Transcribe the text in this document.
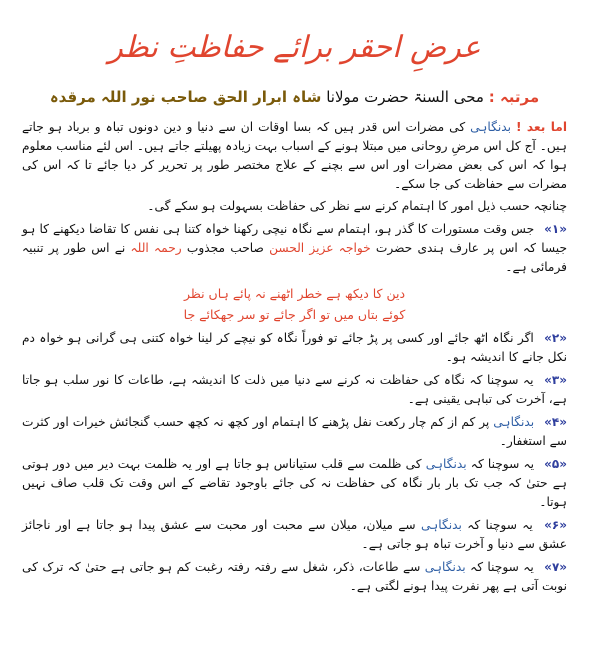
عرضِ احقر برائے حفاظتِ نظر
مرتبہ : محی السنۃ حضرت مولانا شاہ ابرار الحق صاحب نور اللہ مرقدہ

اما بعد ! بدنگاہی کی مضرات اس قدر ہیں کہ بسا اوقات ان سے دنیا و دین دونوں تباہ و برباد ہو جاتے ہیں۔ آج کل اس مرضِ روحانی میں مبتلا ہونے کے اسباب بہت زیادہ پھیلتے جاتے ہیں۔ اس لئے مناسب معلوم ہوا کہ اس کی بعض مضرات اور اس سے بچنے کے علاج مختصر طور پر تحریر کر دیا جائے تا کہ اس کی مضرات سے حفاظت کی جا سکے۔

چنانچہ حسب ذیل امور کا اہتمام کرنے سے نظر کی حفاظت بسہولت ہو سکے گی۔

«۱» جس وقت مستورات کا گذر ہو، اہتمام سے نگاہ نیچی رکھنا خواہ کتنا ہی نفس کا تقاضا دیکھنے کا ہو جیسا کہ اس پر عارف ہندی حضرت خواجہ عزیز الحسن صاحب مجذوب رحمہ اللہ نے اس طور پر تنبیہ فرمائی ہے۔
دین کا دیکھ ہے خطر اٹھنے نہ پائے ہاں نظر
کوئے بتاں میں تو اگر جائے تو سر جھکائے جا
«۲» اگر نگاہ اٹھ جائے اور کسی پر پڑ جائے تو فوراً نگاہ کو نیچے کر لینا خواہ کتنی ہی گرانی ہو خواہ دم نکل جانے کا اندیشہ ہو۔
«۳» یہ سوچنا کہ نگاہ کی حفاظت نہ کرنے سے دنیا میں ذلت کا اندیشہ ہے، طاعات کا نور سلب ہو جاتا ہے، آخرت کی تباہی یقینی ہے۔
«۴» بدنگاہی پر کم از کم چار رکعت نفل پڑھنے کا اہتمام اور کچھ نہ کچھ حسب گنجائش خیرات اور کثرت سے استغفار۔
«۵» یہ سوچنا کہ بدنگاہی کی ظلمت سے قلب ستیاناس ہو جاتا ہے اور یہ ظلمت بہت دیر میں دور ہوتی ہے حتیٰ کہ جب تک بار بار نگاہ کی حفاظت نہ کی جائے باوجود تقاضے کے اس وقت تک قلب صاف نہیں ہوتا۔
«۶» یہ سوچنا کہ بدنگاہی سے میلان، میلان سے محبت اور محبت سے عشق پیدا ہو جاتا ہے اور ناجائز عشق سے دنیا و آخرت تباہ ہو جاتی ہے۔
«۷» یہ سوچنا کہ بدنگاہی سے طاعات، ذکر، شغل سے رفتہ رفتہ رغبت کم ہو جاتی ہے حتیٰ کہ ترک کی نوبت آتی ہے پھر نفرت پیدا ہونے لگتی ہے۔
